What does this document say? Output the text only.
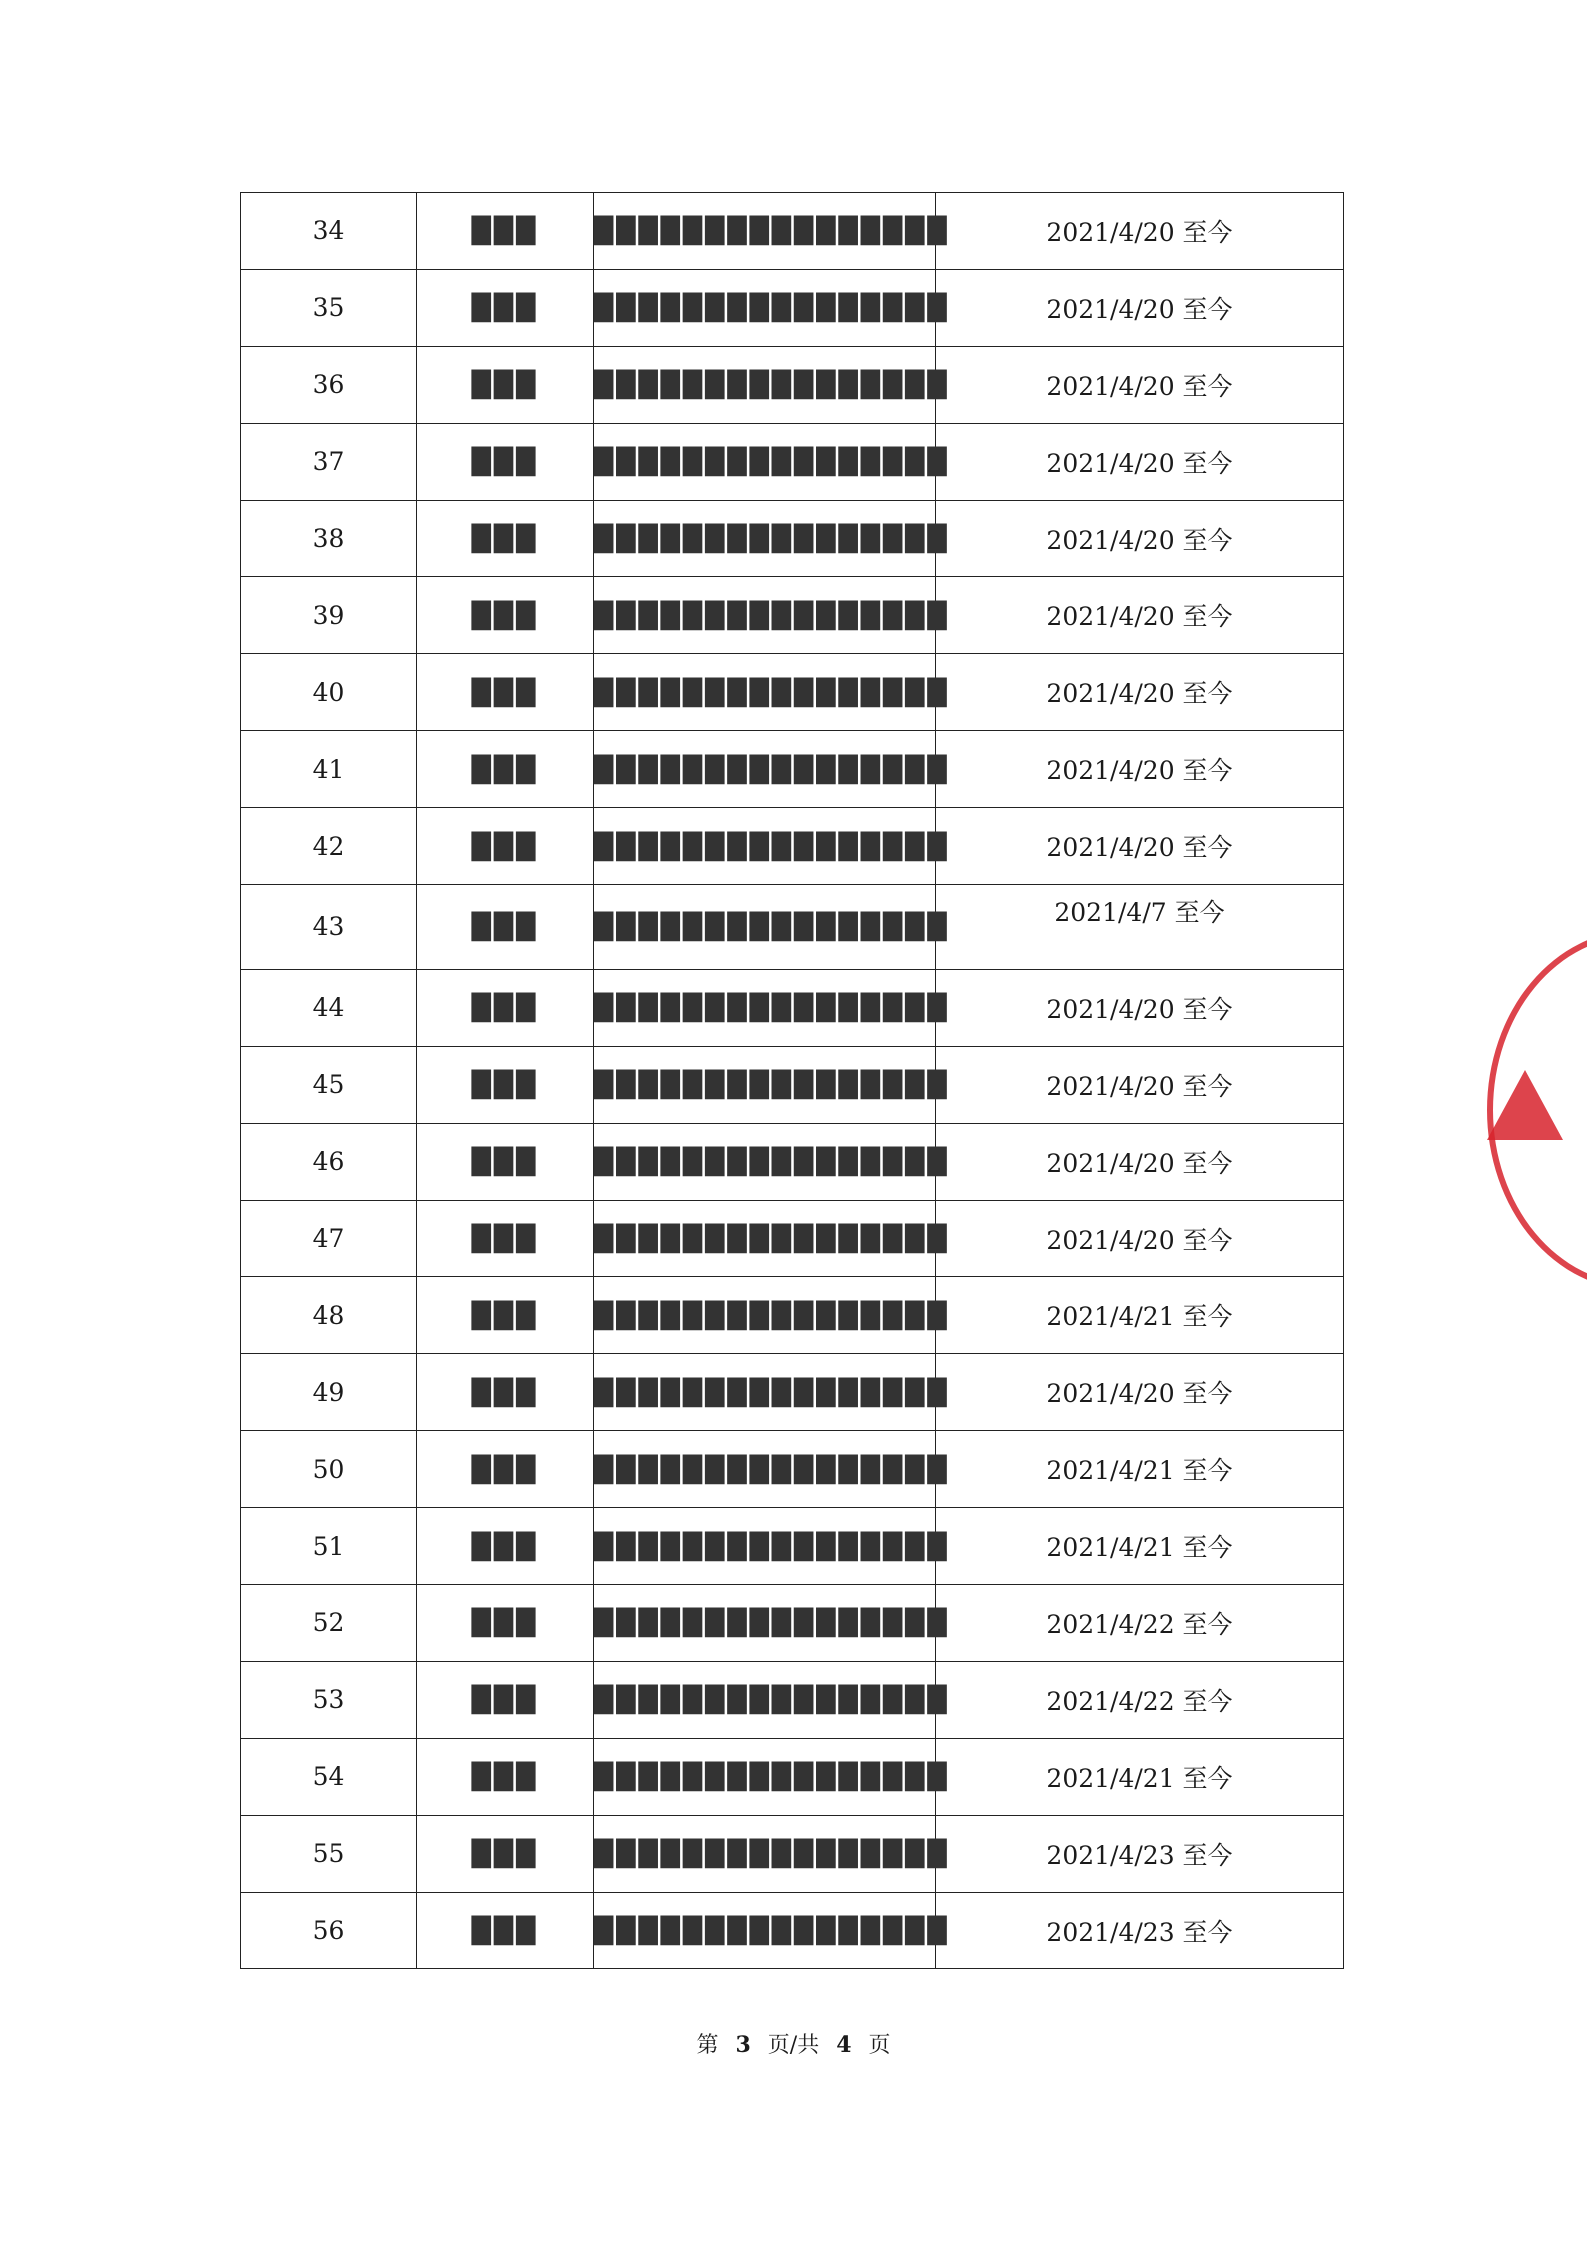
34	███	████████████████	2021/4/20 至今
35	███	████████████████	2021/4/20 至今
36	███	████████████████	2021/4/20 至今
37	███	████████████████	2021/4/20 至今
38	███	████████████████	2021/4/20 至今
39	███	████████████████	2021/4/20 至今
40	███	████████████████	2021/4/20 至今
41	███	████████████████	2021/4/20 至今
42	███	████████████████	2021/4/20 至今
43	███	████████████████	2021/4/7 至今
44	███	████████████████	2021/4/20 至今
45	███	████████████████	2021/4/20 至今
46	███	████████████████	2021/4/20 至今
47	███	████████████████	2021/4/20 至今
48	███	████████████████	2021/4/21 至今
49	███	████████████████	2021/4/20 至今
50	███	████████████████	2021/4/21 至今
51	███	████████████████	2021/4/21 至今
52	███	████████████████	2021/4/22 至今
53	███	████████████████	2021/4/22 至今
54	███	████████████████	2021/4/21 至今
55	███	████████████████	2021/4/23 至今
56	███	████████████████	2021/4/23 至今
第 3 页/共 4 页
